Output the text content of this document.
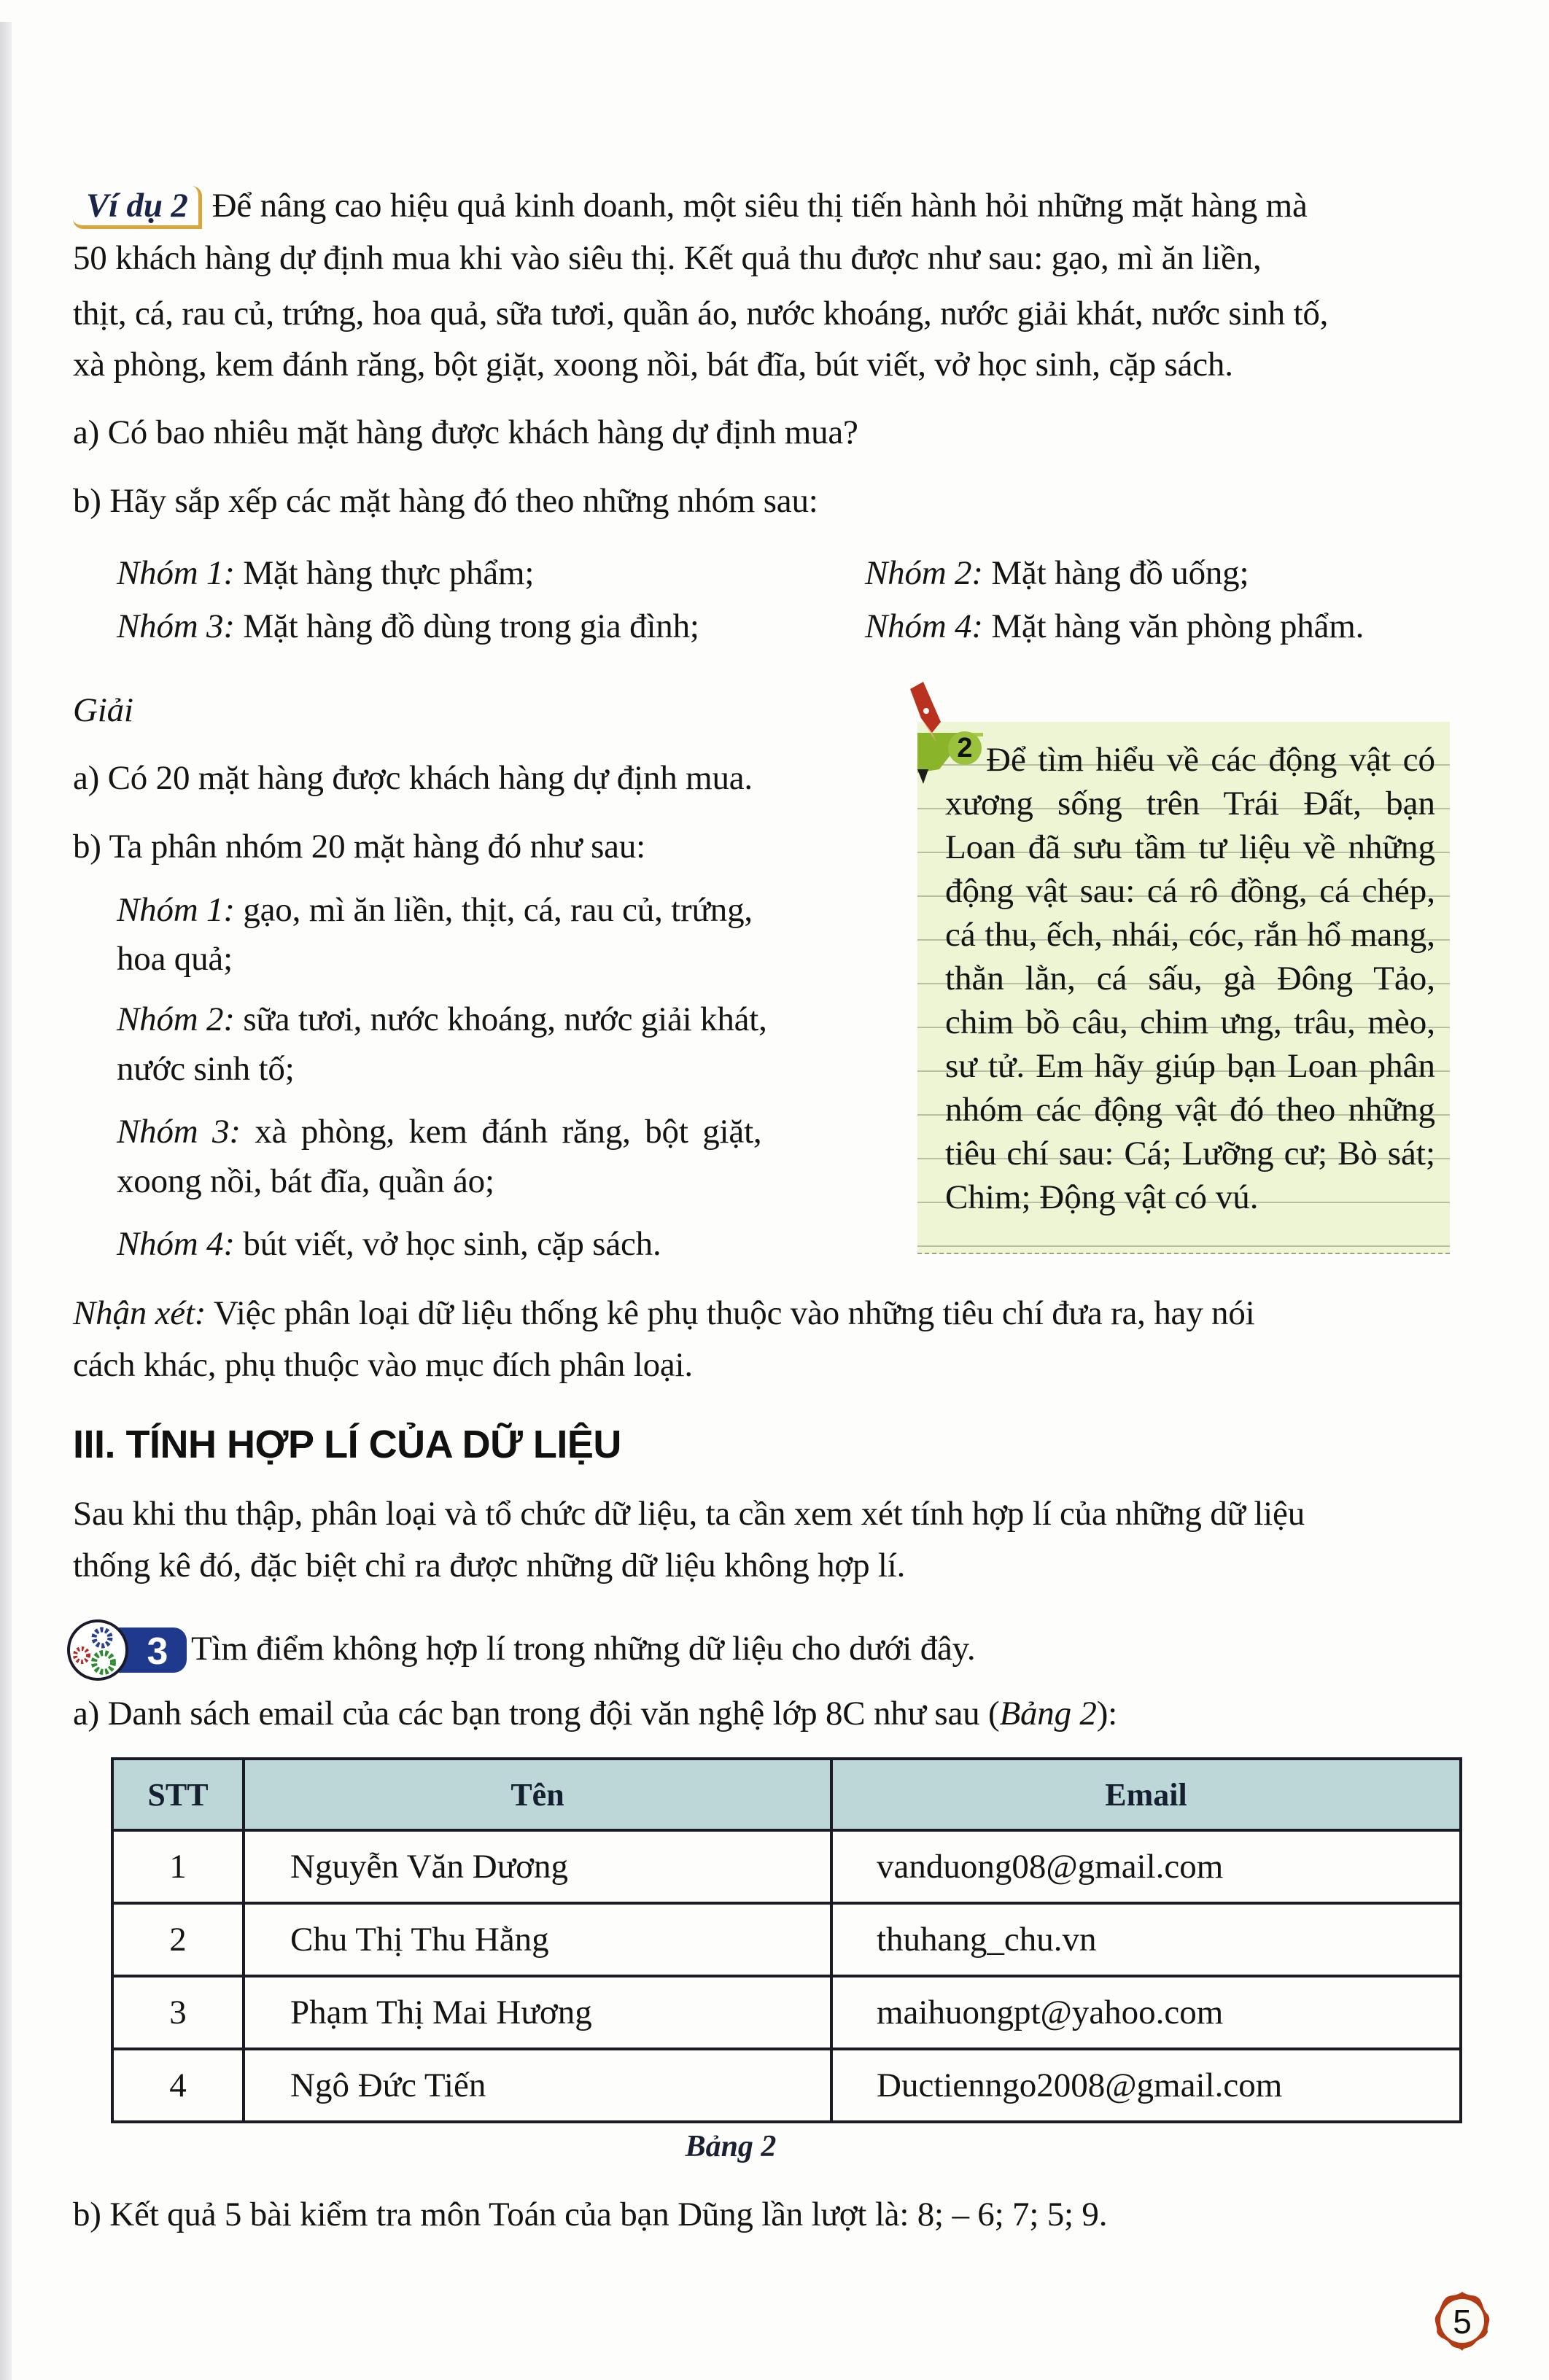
Ví dụ 2 Để nâng cao hiệu quả kinh doanh, một siêu thị tiến hành hỏi những mặt hàng mà
50 khách hàng dự định mua khi vào siêu thị. Kết quả thu được như sau: gạo, mì ăn liền,
thịt, cá, rau củ, trứng, hoa quả, sữa tươi, quần áo, nước khoáng, nước giải khát, nước sinh tố,
xà phòng, kem đánh răng, bột giặt, xoong nồi, bát đĩa, bút viết, vở học sinh, cặp sách.
a) Có bao nhiêu mặt hàng được khách hàng dự định mua?
b) Hãy sắp xếp các mặt hàng đó theo những nhóm sau:
Nhóm 1: Mặt hàng thực phẩm;	Nhóm 2: Mặt hàng đồ uống;
Nhóm 3: Mặt hàng đồ dùng trong gia đình;	Nhóm 4: Mặt hàng văn phòng phẩm.
Giải
a) Có 20 mặt hàng được khách hàng dự định mua.
b) Ta phân nhóm 20 mặt hàng đó như sau:
Nhóm 1: gạo, mì ăn liền, thịt, cá, rau củ, trứng,
hoa quả;
Nhóm 2: sữa tươi, nước khoáng, nước giải khát,
nước sinh tố;
Nhóm 3: xà phòng, kem đánh răng, bột giặt,
xoong nồi, bát đĩa, quần áo;
Nhóm 4: bút viết, vở học sinh, cặp sách.
Nhận xét: Việc phân loại dữ liệu thống kê phụ thuộc vào những tiêu chí đưa ra, hay nói
cách khác, phụ thuộc vào mục đích phân loại.
Để tìm hiểu về các động vật có xương sống trên Trái Đất, bạn Loan đã sưu tầm tư liệu về những động vật sau: cá rô đồng, cá chép, cá thu, ếch, nhái, cóc, rắn hổ mang, thằn lằn, cá sấu, gà Đông Tảo, chim bồ câu, chim ưng, trâu, mèo, sư tử. Em hãy giúp bạn Loan phân nhóm các động vật đó theo những tiêu chí sau: Cá; Lưỡng cư; Bò sát; Chim; Động vật có vú.
2
III. TÍNH HỢP LÍ CỦA DỮ LIỆU
Sau khi thu thập, phân loại và tổ chức dữ liệu, ta cần xem xét tính hợp lí của những dữ liệu
thống kê đó, đặc biệt chỉ ra được những dữ liệu không hợp lí.
3 Tìm điểm không hợp lí trong những dữ liệu cho dưới đây.
a) Danh sách email của các bạn trong đội văn nghệ lớp 8C như sau (Bảng 2):
STT	Tên	Email
1	Nguyễn Văn Dương	vanduong08@gmail.com
2	Chu Thị Thu Hằng	thuhang_chu.vn
3	Phạm Thị Mai Hương	maihuongpt@yahoo.com
4	Ngô Đức Tiến	Ductienngo2008@gmail.com
Bảng 2
b) Kết quả 5 bài kiểm tra môn Toán của bạn Dũng lần lượt là: 8; – 6; 7; 5; 9.
5
